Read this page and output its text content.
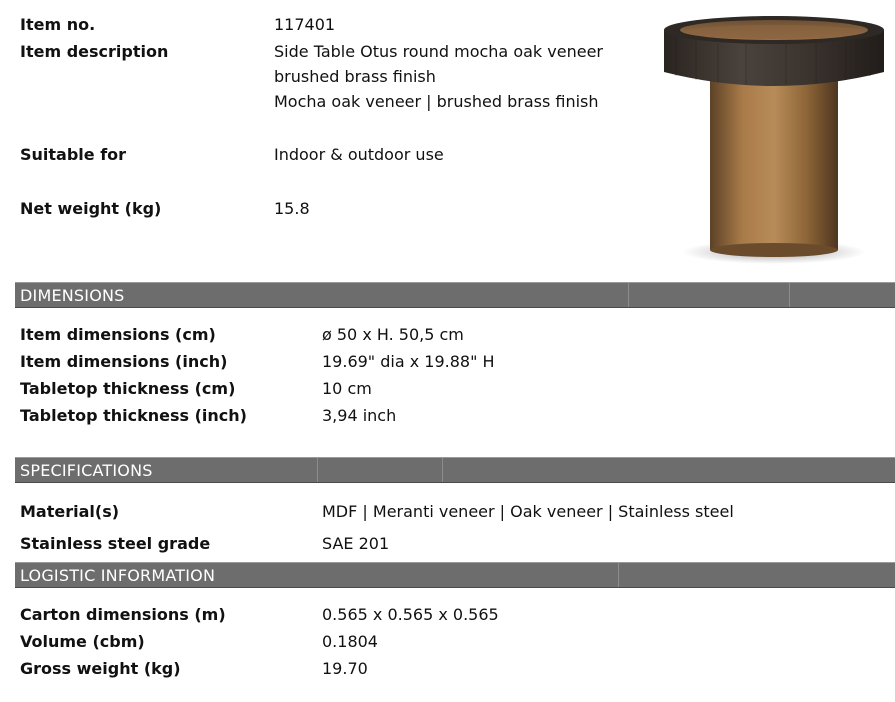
Item no.	117401
Item description	Side Table Otus round mocha oak veneer
brushed brass finish
Mocha oak veneer | brushed brass finish
Suitable for	Indoor & outdoor use
Net weight (kg)	15.8
DIMENSIONS
Item dimensions (cm)	ø 50 x H. 50,5 cm
Item dimensions (inch)	19.69" dia x 19.88" H
Tabletop thickness (cm)	10 cm
Tabletop thickness (inch)	3,94 inch
SPECIFICATIONS
Material(s)	MDF | Meranti veneer | Oak veneer | Stainless steel
Stainless steel grade	SAE 201
LOGISTIC INFORMATION
Carton dimensions (m)	0.565 x 0.565 x 0.565
Volume (cbm)	0.1804
Gross weight (kg)	19.70
